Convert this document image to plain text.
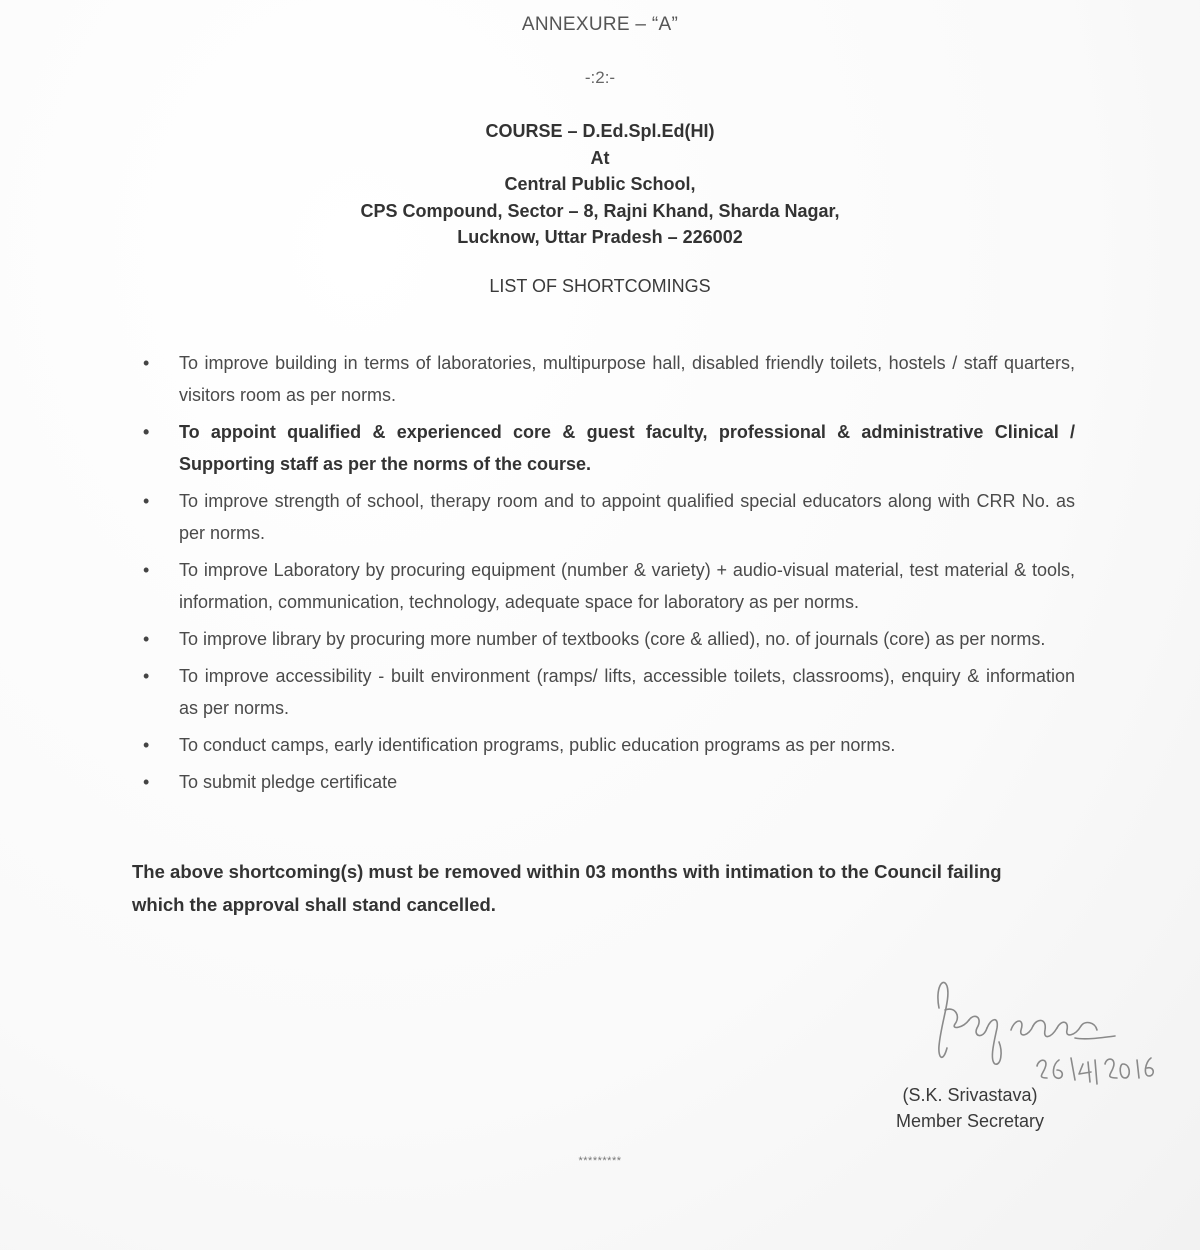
ANNEXURE – “A”
-:2:-
COURSE – D.Ed.Spl.Ed(HI)
At
Central Public School,
CPS Compound, Sector – 8, Rajni Khand, Sharda Nagar,
Lucknow, Uttar Pradesh – 226002
LIST OF SHORTCOMINGS
• To improve building in terms of laboratories, multipurpose hall, disabled friendly toilets, hostels / staff quarters, visitors room as per norms.
• To appoint qualified & experienced core & guest faculty, professional & administrative Clinical / Supporting staff as per the norms of the course.
• To improve strength of school, therapy room and to appoint qualified special educators along with CRR No. as per norms.
• To improve Laboratory by procuring equipment (number & variety) + audio-visual material, test material & tools, information, communication, technology, adequate space for laboratory as per norms.
• To improve library by procuring more number of textbooks (core & allied), no. of journals (core) as per norms.
• To improve accessibility - built environment (ramps/ lifts, accessible toilets, classrooms), enquiry & information as per norms.
• To conduct camps, early identification programs, public education programs as per norms.
• To submit pledge certificate
The above shortcoming(s) must be removed within 03 months with intimation to the Council failing which the approval shall stand cancelled.
(S.K. Srivastava)
Member Secretary
*********
